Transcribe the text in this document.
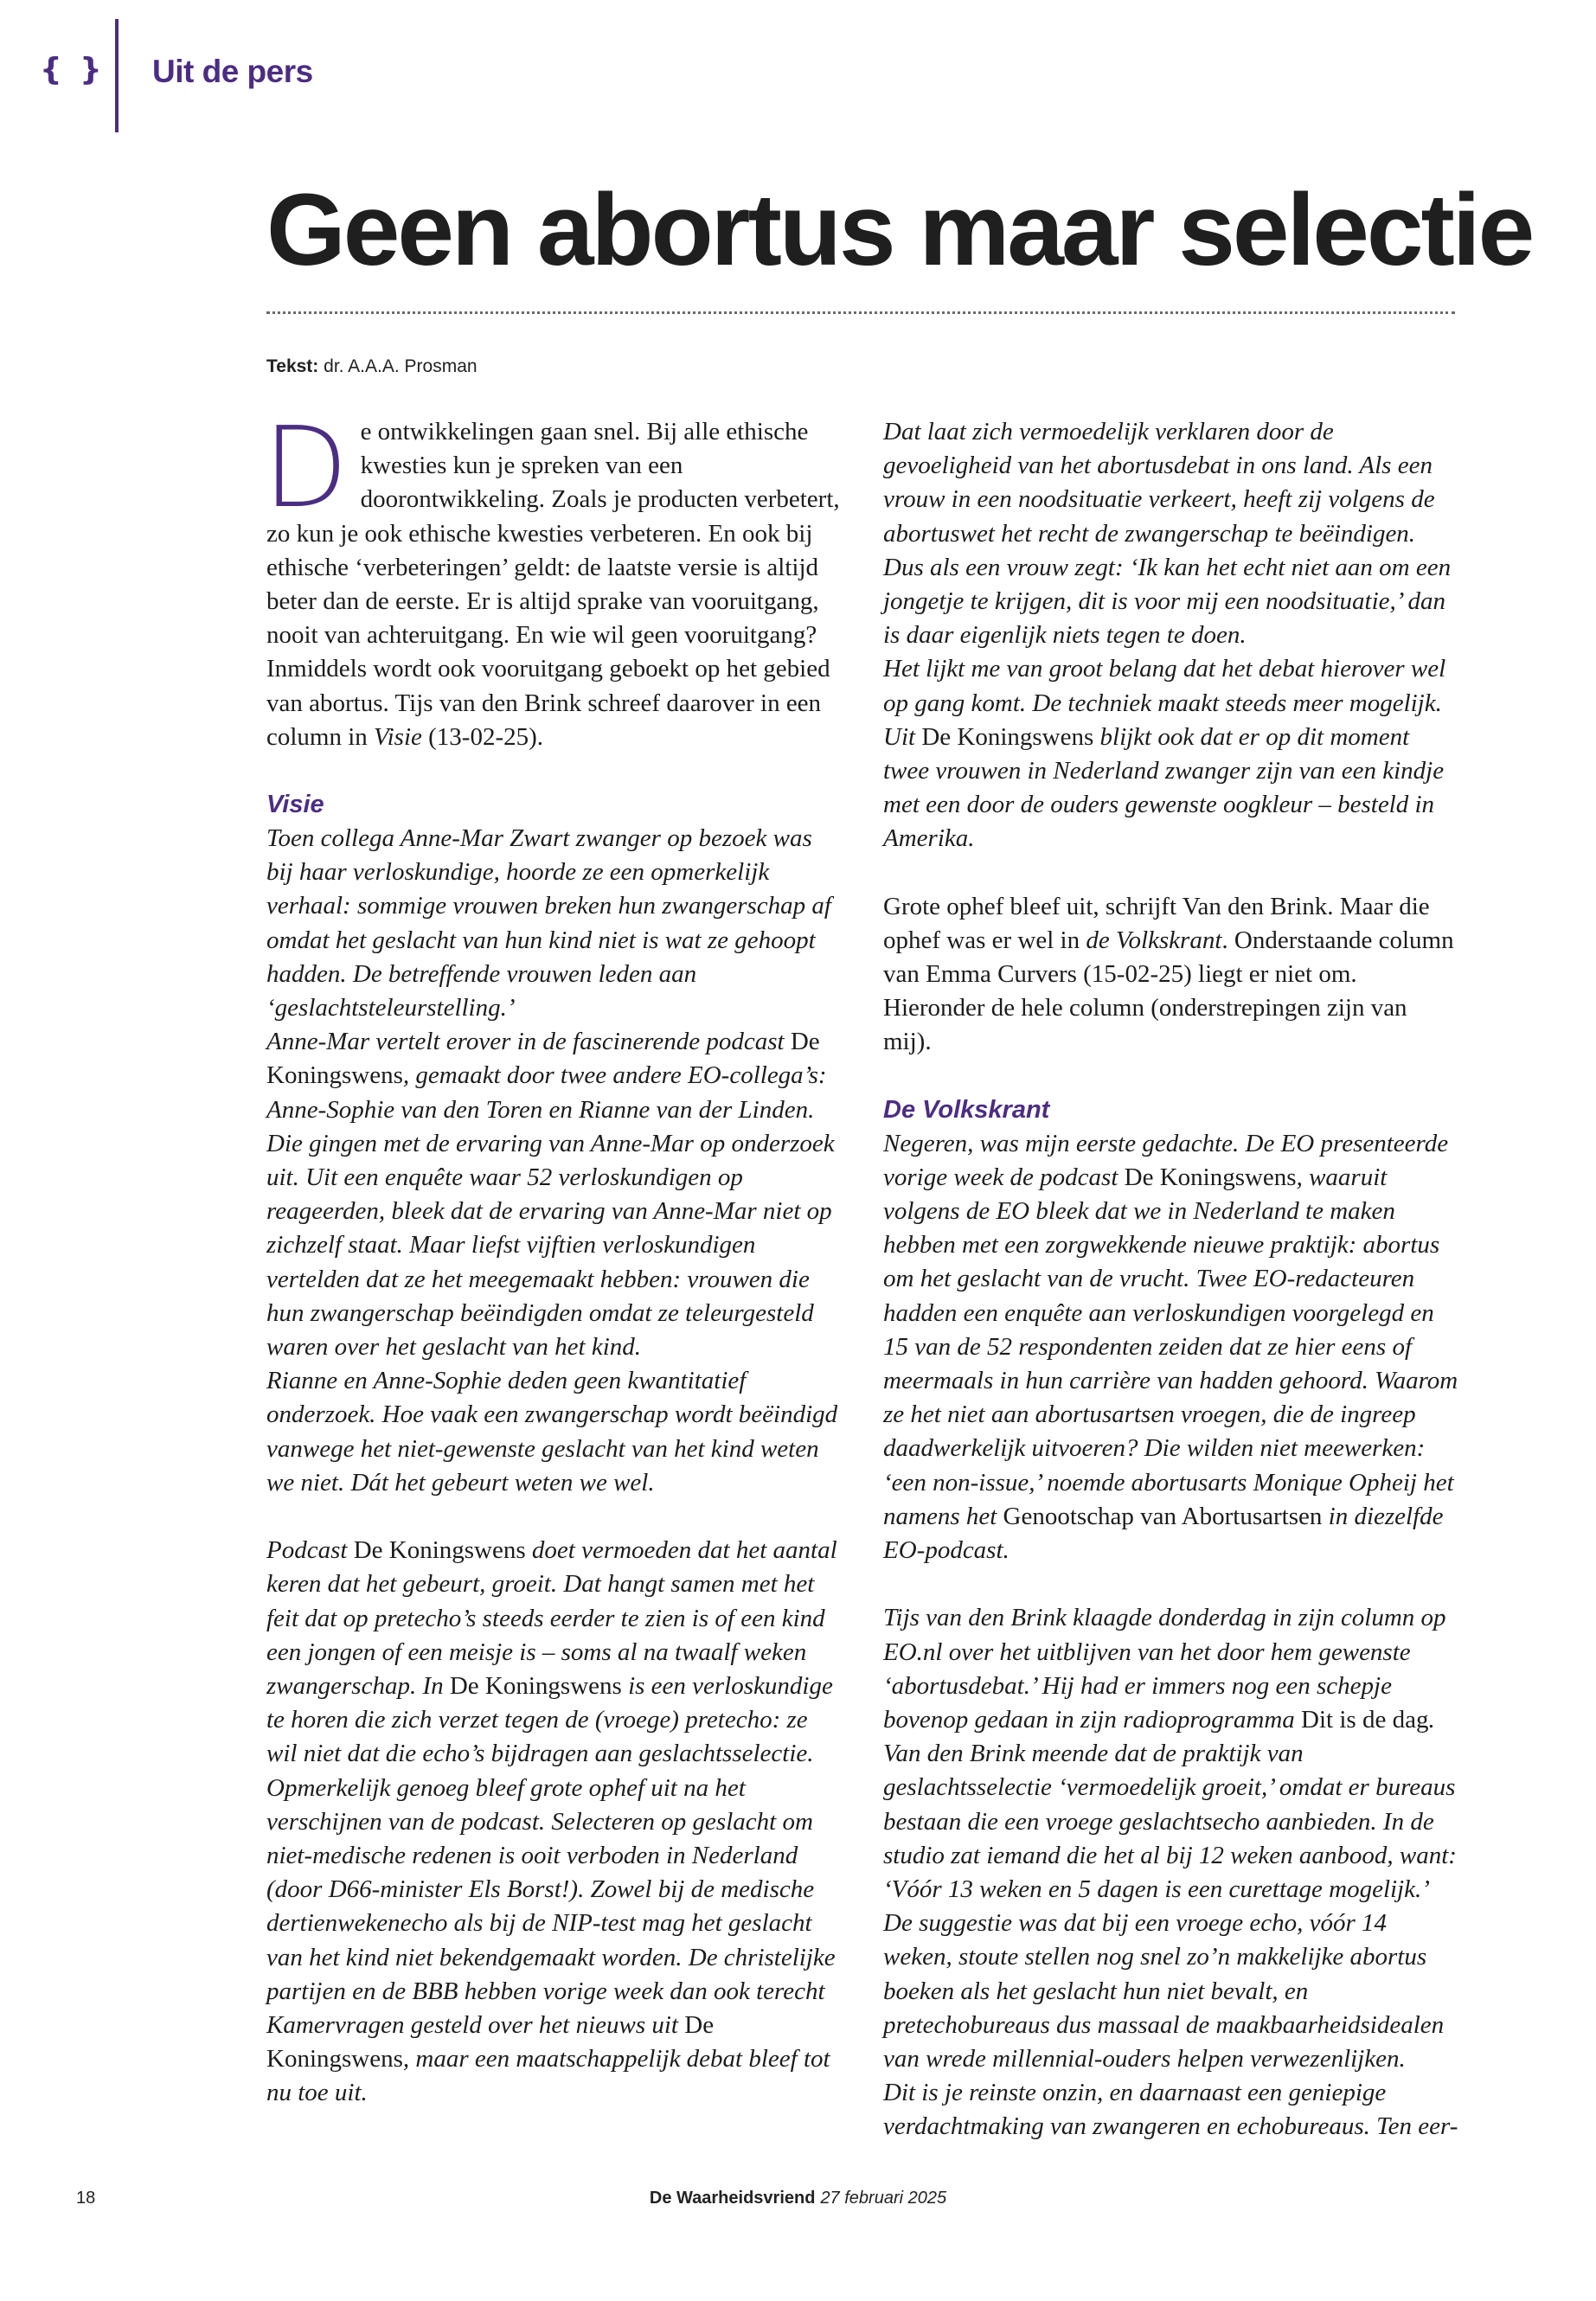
{ } Uit de pers
Geen abortus maar selectie
Tekst: dr. A.A.A. Prosman

De ontwikkelingen gaan snel. Bij alle ethische kwesties kun je spreken van een doorontwikkeling. Zoals je producten verbetert, zo kun je ook ethische kwesties verbeteren. En ook bij ethische ‘verbeteringen’ geldt: de laatste versie is altijd beter dan de eerste. Er is altijd sprake van vooruitgang, nooit van achteruitgang. En wie wil geen vooruitgang? Inmiddels wordt ook vooruitgang geboekt op het gebied van abortus. Tijs van den Brink schreef daarover in een column in Visie (13-02-25).

Visie

Toen collega Anne-Mar Zwart zwanger op bezoek was bij haar verloskundige, hoorde ze een opmerkelijk verhaal: sommige vrouwen breken hun zwangerschap af omdat het geslacht van hun kind niet is wat ze gehoopt hadden. De betreffende vrouwen leden aan ‘geslachtsteleurstelling.’

Anne-Mar vertelt erover in de fascinerende podcast De Koningswens, gemaakt door twee andere EO-collega’s: Anne-Sophie van den Toren en Rianne van der Linden. Die gingen met de ervaring van Anne-Mar op onderzoek uit. Uit een enquête waar 52 verloskundigen op reageerden, bleek dat de ervaring van Anne-Mar niet op zichzelf staat. Maar liefst vijftien verloskundigen vertelden dat ze het meegemaakt hebben: vrouwen die hun zwangerschap beëindigden omdat ze teleurgesteld waren over het geslacht van het kind.

Rianne en Anne-Sophie deden geen kwantitatief onderzoek. Hoe vaak een zwangerschap wordt beëindigd vanwege het niet-gewenste geslacht van het kind weten we niet. Dát het gebeurt weten we wel.

Podcast De Koningswens doet vermoeden dat het aantal keren dat het gebeurt, groeit. Dat hangt samen met het feit dat op pretecho’s steeds eerder te zien is of een kind een jongen of een meisje is – soms al na twaalf weken zwangerschap. In De Koningswens is een verloskundige te horen die zich verzet tegen de (vroege) pretecho: ze wil niet dat die echo’s bijdragen aan geslachtsselectie.

Opmerkelijk genoeg bleef grote ophef uit na het verschijnen van de podcast. Selecteren op geslacht om niet-medische redenen is ooit verboden in Nederland (door D66-minister Els Borst!). Zowel bij de medische dertienwekenecho als bij de NIP-test mag het geslacht van het kind niet bekendgemaakt worden. De christelijke partijen en de BBB hebben vorige week dan ook terecht Kamervragen gesteld over het nieuws uit De Koningswens, maar een maatschappelijk debat bleef tot nu toe uit.

Dat laat zich vermoedelijk verklaren door de gevoeligheid van het abortusdebat in ons land. Als een vrouw in een noodsituatie verkeert, heeft zij volgens de abortuswet het recht de zwangerschap te beëindigen. Dus als een vrouw zegt: ‘Ik kan het echt niet aan om een jongetje te krijgen, dit is voor mij een noodsituatie,’ dan is daar eigenlijk niets tegen te doen.

Het lijkt me van groot belang dat het debat hierover wel op gang komt. De techniek maakt steeds meer mogelijk. Uit De Koningswens blijkt ook dat er op dit moment twee vrouwen in Nederland zwanger zijn van een kindje met een door de ouders gewenste oogkleur – besteld in Amerika.

Grote ophef bleef uit, schrijft Van den Brink. Maar die ophef was er wel in de Volkskrant. Onderstaande column van Emma Curvers (15-02-25) liegt er niet om. Hieronder de hele column (onderstrepingen zijn van mij).

De Volkskrant

Negeren, was mijn eerste gedachte. De EO presenteerde vorige week de podcast De Koningswens, waaruit volgens de EO bleek dat we in Nederland te maken hebben met een zorgwekkende nieuwe praktijk: abortus om het geslacht van de vrucht. Twee EO-redacteuren hadden een enquête aan verloskundigen voorgelegd en 15 van de 52 respondenten zeiden dat ze hier eens of meermaals in hun carrière van hadden gehoord. Waarom ze het niet aan abortusartsen vroegen, die de ingreep daadwerkelijk uitvoeren? Die wilden niet meewerken: ‘een non-issue,’ noemde abortusarts Monique Opheij het namens het Genootschap van Abortusartsen in diezelfde EO-podcast.

Tijs van den Brink klaagde donderdag in zijn column op EO.nl over het uitblijven van het door hem gewenste ‘abortusdebat.’ Hij had er immers nog een schepje bovenop gedaan in zijn radioprogramma Dit is de dag. Van den Brink meende dat de praktijk van geslachtsselectie ‘vermoedelijk groeit,’ omdat er bureaus bestaan die een vroege geslachtsecho aanbieden. In de studio zat iemand die het al bij 12 weken aanbood, want: ‘Vóór 13 weken en 5 dagen is een curettage mogelijk.’ De suggestie was dat bij een vroege echo, vóór 14 weken, stoute stellen nog snel zo’n makkelijke abortus boeken als het geslacht hun niet bevalt, en pretechobureaus dus massaal de maakbaarheidsidealen van wrede millennial-ouders helpen verwezenlijken.

Dit is je reinste onzin, en daarnaast een geniepige verdachtmaking van zwangeren en echobureaus. Ten eer-

18	De Waarheidsvriend 27 februari 2025
